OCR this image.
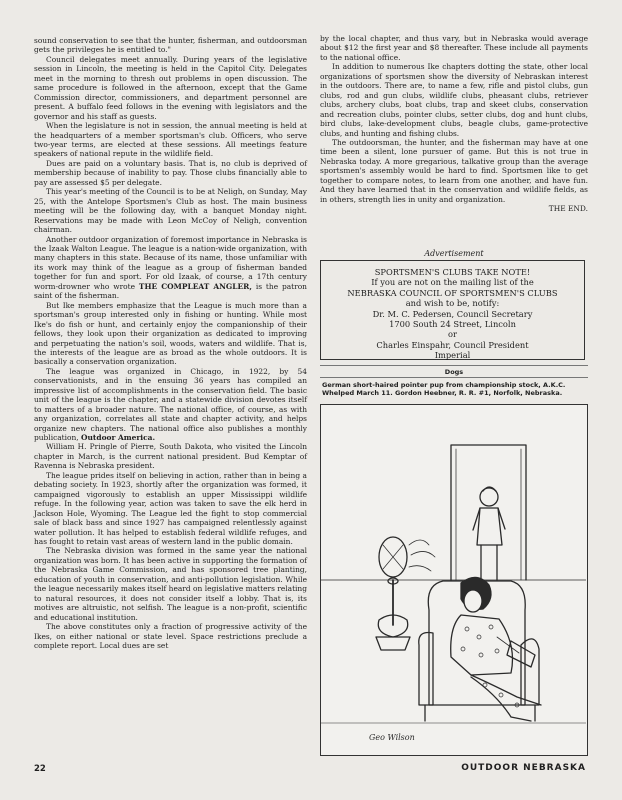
sound conservation to see that the hunter, fisherman, and outdoorsman gets the privileges he is entitled to."

Council delegates meet annually. During years of the legislative session in Lincoln, the meeting is held in the Capitol City. Delegates meet in the morning to thresh out problems in open discussion. The same procedure is followed in the afternoon, except that the Game Commission director, commissioners, and department personnel are present. A buffalo feed follows in the evening with legislators and the governor and his staff as guests.

When the legislature is not in session, the annual meeting is held at the headquarters of a member sportsman's club. Officers, who serve two-year terms, are elected at these sessions. All meetings feature speakers of national repute in the wildlife field.

Dues are paid on a voluntary basis. That is, no club is deprived of membership because of inability to pay. Those clubs financially able to pay are assessed $5 per delegate.

This year's meeting of the Council is to be at Neligh, on Sunday, May 25, with the Antelope Sportsmen's Club as host. The main business meeting will be the following day, with a banquet Monday night. Reservations may be made with Leon McCoy of Neligh, convention chairman.

Another outdoor organization of foremost importance in Nebraska is the Izaak Walton League. The league is a nation-wide organization, with many chapters in this state. Because of its name, those unfamiliar with its work may think of the league as a group of fisherman banded together for fun and sport. For old Izaak, of course, a 17th century worm-drowner who wrote THE COMPLEAT ANGLER, is the patron saint of the fisherman.

But Ike members emphasize that the League is much more than a sportsman's group interested only in fishing or hunting. While most Ike's do fish or hunt, and certainly enjoy the companionship of their fellows, they look upon their organization as dedicated to improving and perpetuating the nation's soil, woods, waters and wildlife. That is, the interests of the league are as broad as the whole outdoors. It is basically a conservation organization.

The league was organized in Chicago, in 1922, by 54 conservationists, and in the ensuing 36 years has compiled an impressive list of accomplishments in the conservation field. The basic unit of the league is the chapter, and a statewide division devotes itself to matters of a broader nature. The national office, of course, as with any organization, correlates all state and chapter activity, and helps organize new chapters. The national office also publishes a monthly publication, Outdoor America.

William H. Pringle of Pierre, South Dakota, who visited the Lincoln chapter in March, is the current national president. Bud Kemptar of Ravenna is Nebraska president.

The league prides itself on believing in action, rather than in being a debating society. In 1923, shortly after the organization was formed, it campaigned vigorously to establish an upper Mississippi wildlife refuge. In the following year, action was taken to save the elk herd in Jackson Hole, Wyoming. The League led the fight to stop commercial sale of black bass and since 1927 has campaigned relentlessly against water pollution. It has helped to establish federal wildlife refuges, and has fought to retain vast areas of western land in the public domain.

The Nebraska division was formed in the same year the national organization was born. It has been active in supporting the formation of the Nebraska Game Commission, and has sponsored tree planting, education of youth in conservation, and anti-pollution legislation. While the league necessarily makes itself heard on legislative matters relating to natural resources, it does not consider itself a lobby. That is, its motives are altruistic, not selfish. The league is a non-profit, scientific and educational institution.

The above constitutes only a fraction of progressive activity of the Ikes, on either national or state level. Space restrictions preclude a complete report. Local dues are set

by the local chapter, and thus vary, but in Nebraska would average about $12 the first year and $8 thereafter. These include all payments to the national office.

In addition to numerous Ike chapters dotting the state, other local organizations of sportsmen show the diversity of Nebraskan interest in the outdoors. There are, to name a few, rifle and pistol clubs, gun clubs, rod and gun clubs, wildlife clubs, pheasant clubs, retriever clubs, archery clubs, boat clubs, trap and skeet clubs, conservation and recreation clubs, pointer clubs, setter clubs, dog and hunt clubs, bird clubs, lake-development clubs, beagle clubs, game-protective clubs, and hunting and fishing clubs.

The outdoorsman, the hunter, and the fisherman may have at one time been a silent, lone pursuer of game. But this is not true in Nebraska today. A more gregarious, talkative group than the average sportsmen's assembly would be hard to find. Sportsmen like to get together to compare notes, to learn from one another, and have fun. And they have learned that in the conservation and wildlife fields, as in others, strength lies in unity and organization.

THE END.

Advertisement
SPORTSMEN'S CLUBS TAKE NOTE!
If you are not on the mailing list of the
NEBRASKA COUNCIL OF SPORTSMEN'S CLUBS
and wish to be, notify:
Dr. M. C. Pedersen, Council Secretary
1700 South 24 Street, Lincoln
or
Charles Einspahr, Council President
Imperial
Dogs
German short-haired pointer pup from championship stock, A.K.C. Whelped March 11. Gordon Heebner, R. R. #1, Norfolk, Nebraska.
Geo Wilson
22	OUTDOOR NEBRASKA
